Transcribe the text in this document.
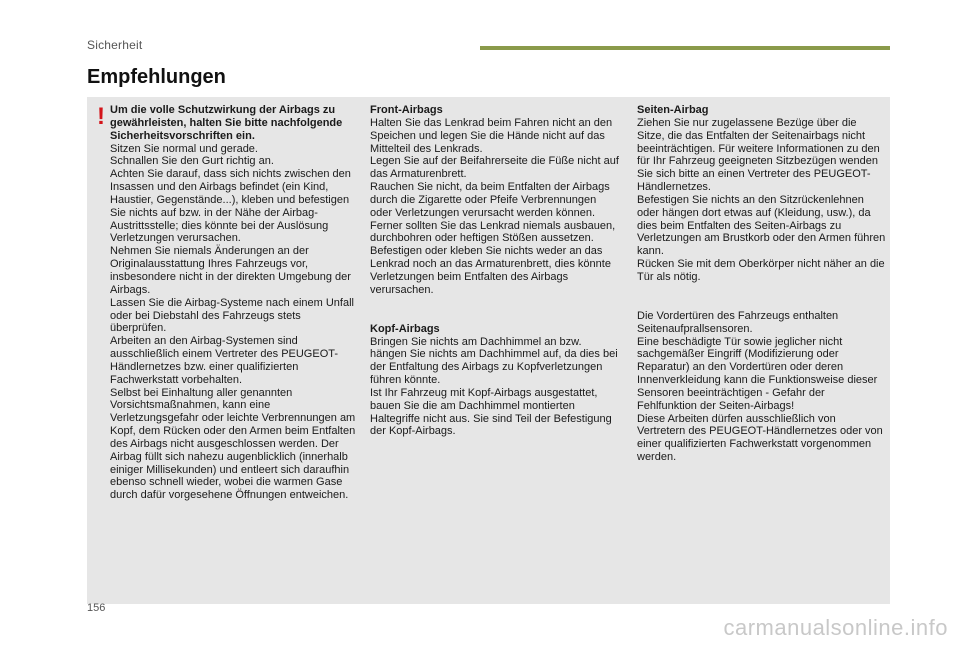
Sicherheit
Empfehlungen
! Um die volle Schutzwirkung der Airbags zu gewährleisten, halten Sie bitte nachfolgende Sicherheitsvorschriften ein.

Sitzen Sie normal und gerade.

Schnallen Sie den Gurt richtig an.

Achten Sie darauf, dass sich nichts zwischen den Insassen und den Airbags befindet (ein Kind, Haustier, Gegenstände...), kleben und befestigen Sie nichts auf bzw. in der Nähe der Airbag-Austrittsstelle; dies könnte bei der Auslösung Verletzungen verursachen.

Nehmen Sie niemals Änderungen an der Originalausstattung Ihres Fahrzeugs vor, insbesondere nicht in der direkten Umgebung der Airbags.

Lassen Sie die Airbag-Systeme nach einem Unfall oder bei Diebstahl des Fahrzeugs stets überprüfen.

Arbeiten an den Airbag-Systemen sind ausschließlich einem Vertreter des PEUGEOT-Händlernetzes bzw. einer qualifizierten Fachwerkstatt vorbehalten.

Selbst bei Einhaltung aller genannten Vorsichtsmaßnahmen, kann eine Verletzungsgefahr oder leichte Verbrennungen am Kopf, dem Rücken oder den Armen beim Entfalten des Airbags nicht ausgeschlossen werden. Der Airbag füllt sich nahezu augenblicklich (innerhalb einiger Millisekunden) und entleert sich daraufhin ebenso schnell wieder, wobei die warmen Gase durch dafür vorgesehene Öffnungen entweichen.

Front-Airbags

Halten Sie das Lenkrad beim Fahren nicht an den Speichen und legen Sie die Hände nicht auf das Mittelteil des Lenkrads.

Legen Sie auf der Beifahrerseite die Füße nicht auf das Armaturenbrett.

Rauchen Sie nicht, da beim Entfalten der Airbags durch die Zigarette oder Pfeife Verbrennungen oder Verletzungen verursacht werden können.

Ferner sollten Sie das Lenkrad niemals ausbauen, durchbohren oder heftigen Stößen aussetzen.

Befestigen oder kleben Sie nichts weder an das Lenkrad noch an das Armaturenbrett, dies könnte Verletzungen beim Entfalten des Airbags verursachen.

Kopf-Airbags

Bringen Sie nichts am Dachhimmel an bzw. hängen Sie nichts am Dachhimmel auf, da dies bei der Entfaltung des Airbags zu Kopfverletzungen führen könnte.

Ist Ihr Fahrzeug mit Kopf-Airbags ausgestattet, bauen Sie die am Dachhimmel montierten Haltegriffe nicht aus. Sie sind Teil der Befestigung der Kopf-Airbags.

Seiten-Airbag

Ziehen Sie nur zugelassene Bezüge über die Sitze, die das Entfalten der Seitenairbags nicht beeinträchtigen. Für weitere Informationen zu den für Ihr Fahrzeug geeigneten Sitzbezügen wenden Sie sich bitte an einen Vertreter des PEUGEOT-Händlernetzes.

Befestigen Sie nichts an den Sitzrückenlehnen oder hängen dort etwas auf (Kleidung, usw.), da dies beim Entfalten des Seiten-Airbags zu Verletzungen am Brustkorb oder den Armen führen kann.

Rücken Sie mit dem Oberkörper nicht näher an die Tür als nötig.

Die Vordertüren des Fahrzeugs enthalten Seitenaufprallsensoren.

Eine beschädigte Tür sowie jeglicher nicht sachgemäßer Eingriff (Modifizierung oder Reparatur) an den Vordertüren oder deren Innenverkleidung kann die Funktionsweise dieser Sensoren beeinträchtigen - Gefahr der Fehlfunktion der Seiten-Airbags!

Diese Arbeiten dürfen ausschließlich von Vertretern des PEUGEOT-Händlernetzes oder von einer qualifizierten Fachwerkstatt vorgenommen werden.

156
carmanualsonline.info
